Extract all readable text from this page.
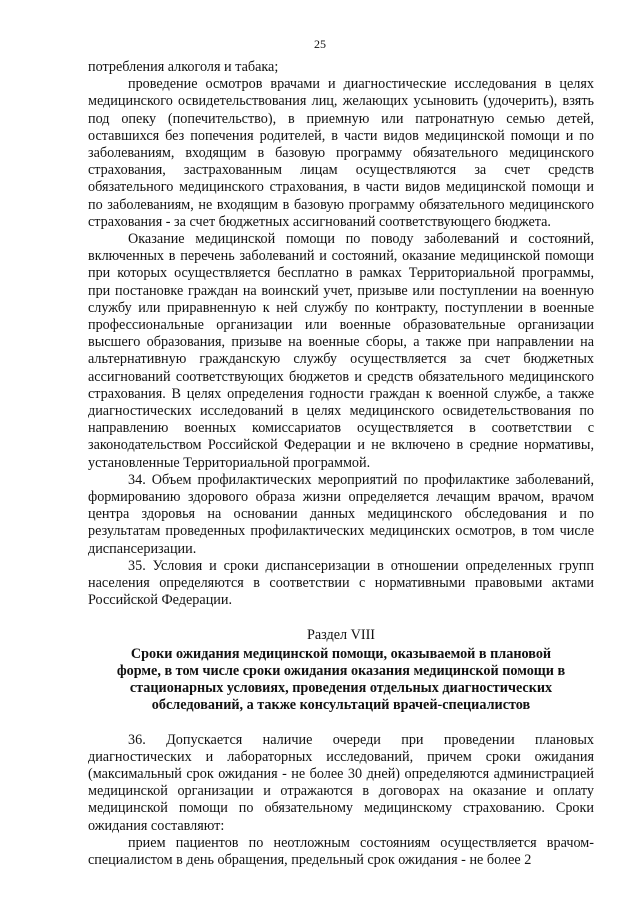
25

потребления алкоголя и табака;

проведение осмотров врачами и диагностические исследования в целях медицинского освидетельствования лиц, желающих усыновить (удочерить), взять под опеку (попечительство), в приемную или патронатную семью детей, оставшихся без попечения родителей, в части видов медицинской помощи и по заболеваниям, входящим в базовую программу обязательного медицинского страхования, застрахованным лицам осуществляются за счет средств обязательного медицинского страхования, в части видов медицинской помощи и по заболеваниям, не входящим в базовую программу обязательного медицинского страхования - за счет бюджетных ассигнований соответствующего бюджета.

Оказание медицинской помощи по поводу заболеваний и состояний, включенных в перечень заболеваний и состояний, оказание медицинской помощи при которых осуществляется бесплатно в рамках Территориальной программы, при постановке граждан на воинский учет, призыве или поступлении на военную службу или приравненную к ней службу по контракту, поступлении в военные профессиональные организации или военные образовательные организации высшего образования, призыве на военные сборы, а также при направлении на альтернативную гражданскую службу осуществляется за счет бюджетных ассигнований соответствующих бюджетов и средств обязательного медицинского страхования. В целях определения годности граждан к военной службе, а также диагностических исследований в целях медицинского освидетельствования по направлению военных комиссариатов осуществляется в соответствии с законодательством Российской Федерации и не включено в средние нормативы, установленные Территориальной программой.

34. Объем профилактических мероприятий по профилактике заболеваний, формированию здорового образа жизни определяется лечащим врачом, врачом центра здоровья на основании данных медицинского обследования и по результатам проведенных профилактических медицинских осмотров, в том числе диспансеризации.

35. Условия и сроки диспансеризации в отношении определенных групп населения определяются в соответствии с нормативными правовыми актами Российской Федерации.

Раздел VIII
Сроки ожидания медицинской помощи, оказываемой в плановой форме, в том числе сроки ожидания оказания медицинской помощи в стационарных условиях, проведения отдельных диагностических обследований, а также консультаций врачей-специалистов

36. Допускается наличие очереди при проведении плановых диагностических и лабораторных исследований, причем сроки ожидания (максимальный срок ожидания - не более 30 дней) определяются администрацией медицинской организации и отражаются в договорах на оказание и оплату медицинской помощи по обязательному медицинскому страхованию. Сроки ожидания составляют:

прием пациентов по неотложным состояниям осуществляется врачом-специалистом в день обращения, предельный срок ожидания - не более 2
